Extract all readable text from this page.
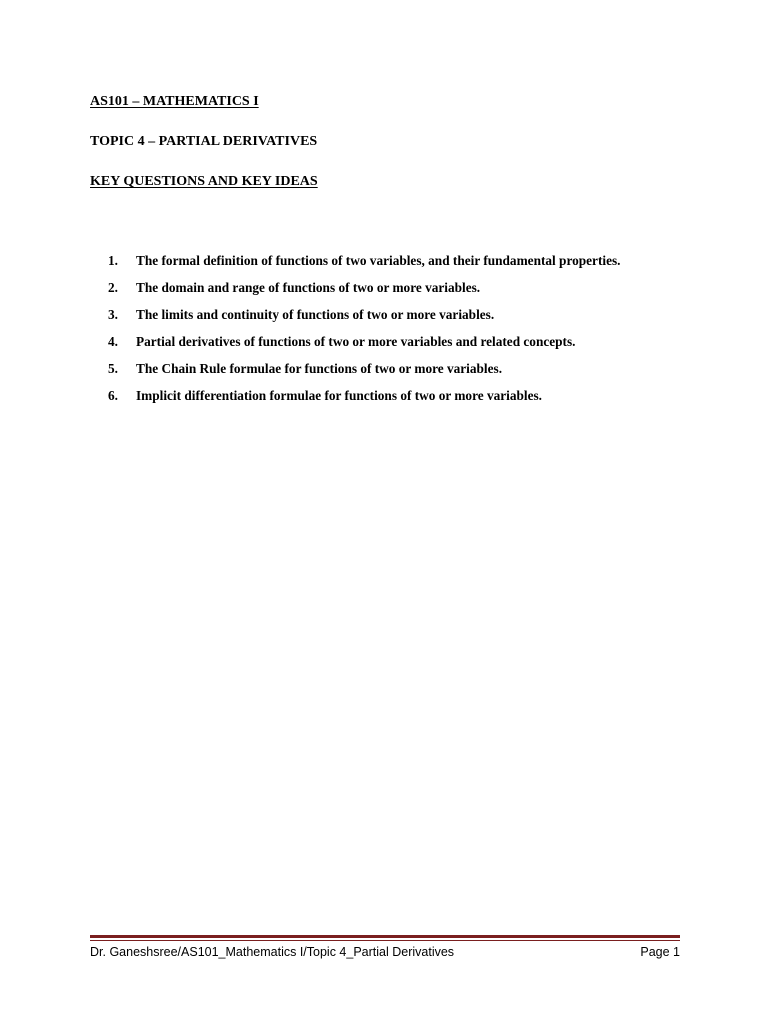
AS101 – MATHEMATICS I
TOPIC 4 – PARTIAL DERIVATIVES
KEY QUESTIONS AND KEY IDEAS
1.	The formal definition of functions of two variables, and their fundamental properties.
2.	The domain and range of functions of two or more variables.
3.	The limits and continuity of functions of two or more variables.
4.	Partial derivatives of functions of two or more variables and related concepts.
5.	The Chain Rule formulae for functions of two or more variables.
6.	Implicit differentiation formulae for functions of two or more variables.
Dr. Ganeshsree/AS101_Mathematics I/Topic 4_Partial Derivatives	Page 1
